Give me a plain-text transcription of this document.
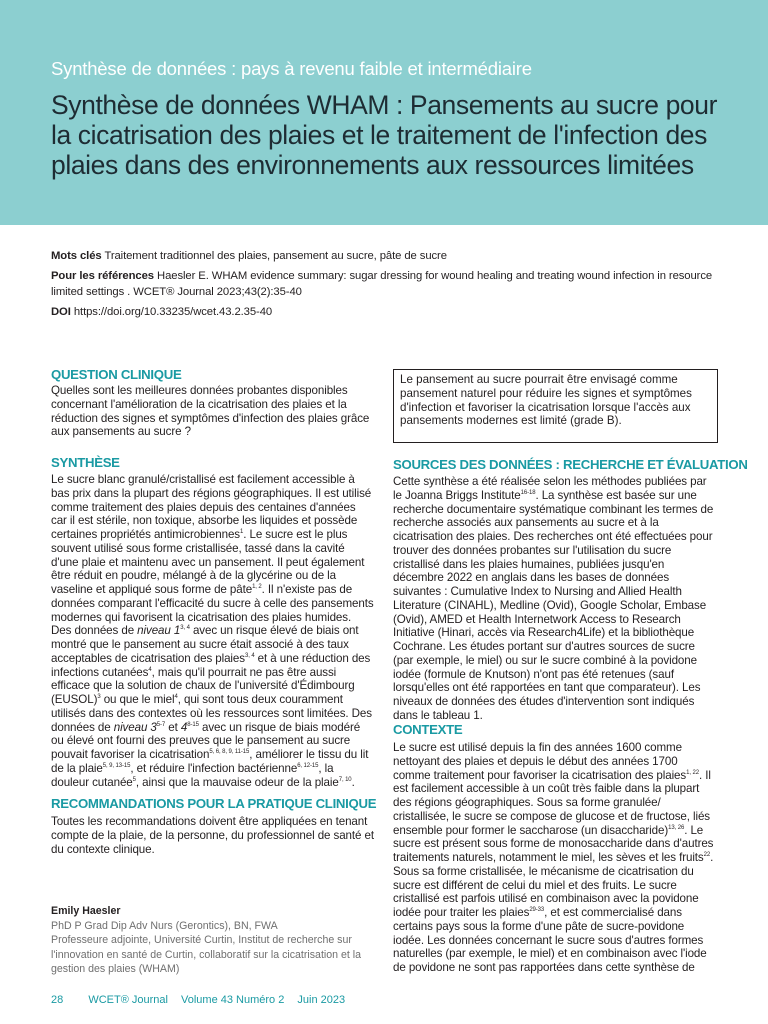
Synthèse de données : pays à revenu faible et intermédiaire
Synthèse de données WHAM : Pansements au sucre pour la cicatrisation des plaies et le traitement de l'infection des plaies dans des environnements aux ressources limitées
Mots clés Traitement traditionnel des plaies, pansement au sucre, pâte de sucre
Pour les références Haesler E. WHAM evidence summary: sugar dressing for wound healing and treating wound infection in resource limited settings . WCET® Journal 2023;43(2):35-40
DOI https://doi.org/10.33235/wcet.43.2.35-40
QUESTION CLINIQUE
Quelles sont les meilleures données probantes disponibles concernant l'amélioration de la cicatrisation des plaies et la réduction des signes et symptômes d'infection des plaies grâce aux pansements au sucre ?
SYNTHÈSE

Le sucre blanc granulé/cristallisé est facilement accessible à bas prix dans la plupart des régions géographiques. Il est utilisé comme traitement des plaies depuis des centaines d'années car il est stérile, non toxique, absorbe les liquides et possède certaines propriétés antimicrobiennes$^1$. Le sucre est le plus souvent utilisé sous forme cristallisée, tassé dans la cavité d'une plaie et maintenu avec un pansement. Il peut également être réduit en poudre, mélangé à de la glycérine ou de la vaseline et appliqué sous forme de pâte$^{1, 2}$. Il n'existe pas de données comparant l'efficacité du sucre à celle des pansements modernes qui favorisent la cicatrisation des plaies humides. Des données de niveau 1$^{3, 4}$ avec un risque élevé de biais ont montré que le pansement au sucre était associé à des taux acceptables de cicatrisation des plaies$^{3, 4}$ et à une réduction des infections cutanées$^4$, mais qu'il pourrait ne pas être aussi efficace que la solution de chaux de l'université d'Édimbourg (EUSOL)$^3$ ou que le miel$^4$, qui sont tous deux couramment utilisés dans des contextes où les ressources sont limitées. Des données de niveau 3$^{5-7}$ et 4$^{8-15}$ avec un risque de biais modéré ou élevé ont fourni des preuves que le pansement au sucre pouvait favoriser la cicatrisation$^{5, 6, 8, 9, 11-15}$, améliorer le tissu du lit de la plaie$^{5, 9, 13-15}$, et réduire l'infection bactérienne$^{6, 12-15}$, la douleur cutanée$^5$, ainsi que la mauvaise odeur de la plaie$^{7, 10}$.

RECOMMANDATIONS POUR LA PRATIQUE CLINIQUE
Toutes les recommandations doivent être appliquées en tenant compte de la plaie, de la personne, du professionnel de santé et du contexte clinique.
Emily Haesler
PhD P Grad Dip Adv Nurs (Gerontics), BN, FWA
Professeure adjointe, Université Curtin, Institut de recherche sur l'innovation en santé de Curtin, collaboratif sur la cicatrisation et la gestion des plaies (WHAM)
Le pansement au sucre pourrait être envisagé comme pansement naturel pour réduire les signes et symptômes d'infection et favoriser la cicatrisation lorsque l'accès aux pansements modernes est limité (grade B).
SOURCES DES DONNÉES : RECHERCHE ET ÉVALUATION

Cette synthèse a été réalisée selon les méthodes publiées par le Joanna Briggs Institute$^{16-18}$. La synthèse est basée sur une recherche documentaire systématique combinant les termes de recherche associés aux pansements au sucre et à la cicatrisation des plaies. Des recherches ont été effectuées pour trouver des données probantes sur l'utilisation du sucre cristallisé dans les plaies humaines, publiées jusqu'en décembre 2022 en anglais dans les bases de données suivantes : Cumulative Index to Nursing and Allied Health Literature (CINAHL), Medline (Ovid), Google Scholar, Embase (Ovid), AMED et Health Internetwork Access to Research Initiative (Hinari, accès via Research4Life) et la bibliothèque Cochrane. Les études portant sur d'autres sources de sucre (par exemple, le miel) ou sur le sucre combiné à la povidone iodée (formule de Knutson) n'ont pas été retenues (sauf lorsqu'elles ont été rapportées en tant que comparateur). Les niveaux de données des études d'intervention sont indiqués dans le tableau 1.

CONTEXTE

Le sucre est utilisé depuis la fin des années 1600 comme nettoyant des plaies et depuis le début des années 1700 comme traitement pour favoriser la cicatrisation des plaies$^{1, 22}$. Il est facilement accessible à un coût très faible dans la plupart des régions géographiques. Sous sa forme granulée/ cristallisée, le sucre se compose de glucose et de fructose, liés ensemble pour former le saccharose (un disaccharide)$^{13, 26}$. Le sucre est présent sous forme de monosaccharide dans d'autres traitements naturels, notamment le miel, les sèves et les fruits$^{22}$. Sous sa forme cristallisée, le mécanisme de cicatrisation du sucre est différent de celui du miel et des fruits. Le sucre cristallisé est parfois utilisé en combinaison avec la povidone iodée pour traiter les plaies$^{29-33}$, et est commercialisé dans certains pays sous la forme d'une pâte de sucre-povidone iodée. Les données concernant le sucre sous d'autres formes naturelles (par exemple, le miel) et en combinaison avec l'iode de povidone ne sont pas rapportées dans cette synthèse de

28 WCET® Journal Volume 43 Numéro 2 Juin 2023
